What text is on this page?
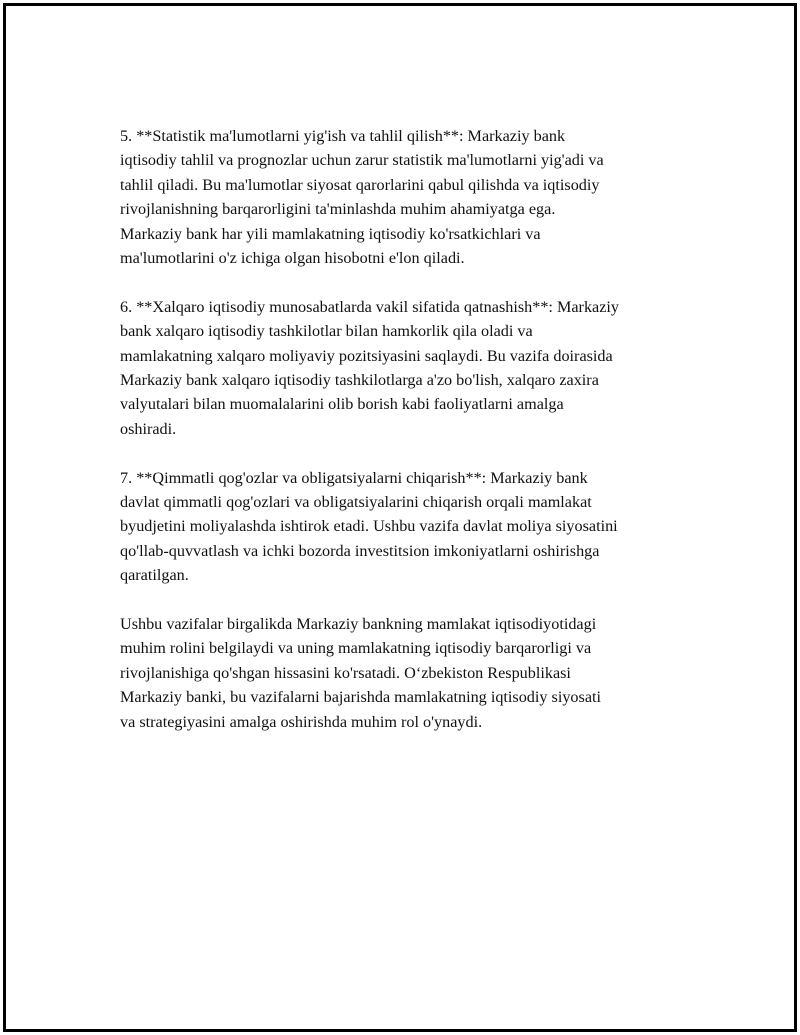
5. **Statistik ma'lumotlarni yig'ish va tahlil qilish**: Markaziy bank
iqtisodiy tahlil va prognozlar uchun zarur statistik ma'lumotlarni yig'adi va
tahlil qiladi. Bu ma'lumotlar siyosat qarorlarini qabul qilishda va iqtisodiy
rivojlanishning barqarorligini ta'minlashda muhim ahamiyatga ega.
Markaziy bank har yili mamlakatning iqtisodiy ko'rsatkichlari va
ma'lumotlarini o'z ichiga olgan hisobotni e'lon qiladi.

6. **Xalqaro iqtisodiy munosabatlarda vakil sifatida qatnashish**: Markaziy
bank xalqaro iqtisodiy tashkilotlar bilan hamkorlik qila oladi va
mamlakatning xalqaro moliyaviy pozitsiyasini saqlaydi. Bu vazifa doirasida
Markaziy bank xalqaro iqtisodiy tashkilotlarga a'zo bo'lish, xalqaro zaxira
valyutalari bilan muomalalarini olib borish kabi faoliyatlarni amalga
oshiradi.

7. **Qimmatli qog'ozlar va obligatsiyalarni chiqarish**: Markaziy bank
davlat qimmatli qog'ozlari va obligatsiyalarini chiqarish orqali mamlakat
byudjetini moliyalashda ishtirok etadi. Ushbu vazifa davlat moliya siyosatini
qo'llab-quvvatlash va ichki bozorda investitsion imkoniyatlarni oshirishga
qaratilgan.

Ushbu vazifalar birgalikda Markaziy bankning mamlakat iqtisodiyotidagi
muhim rolini belgilaydi va uning mamlakatning iqtisodiy barqarorligi va
rivojlanishiga qo'shgan hissasini ko'rsatadi. O‘zbekiston Respublikasi
Markaziy banki, bu vazifalarni bajarishda mamlakatning iqtisodiy siyosati
va strategiyasini amalga oshirishda muhim rol o'ynaydi.
